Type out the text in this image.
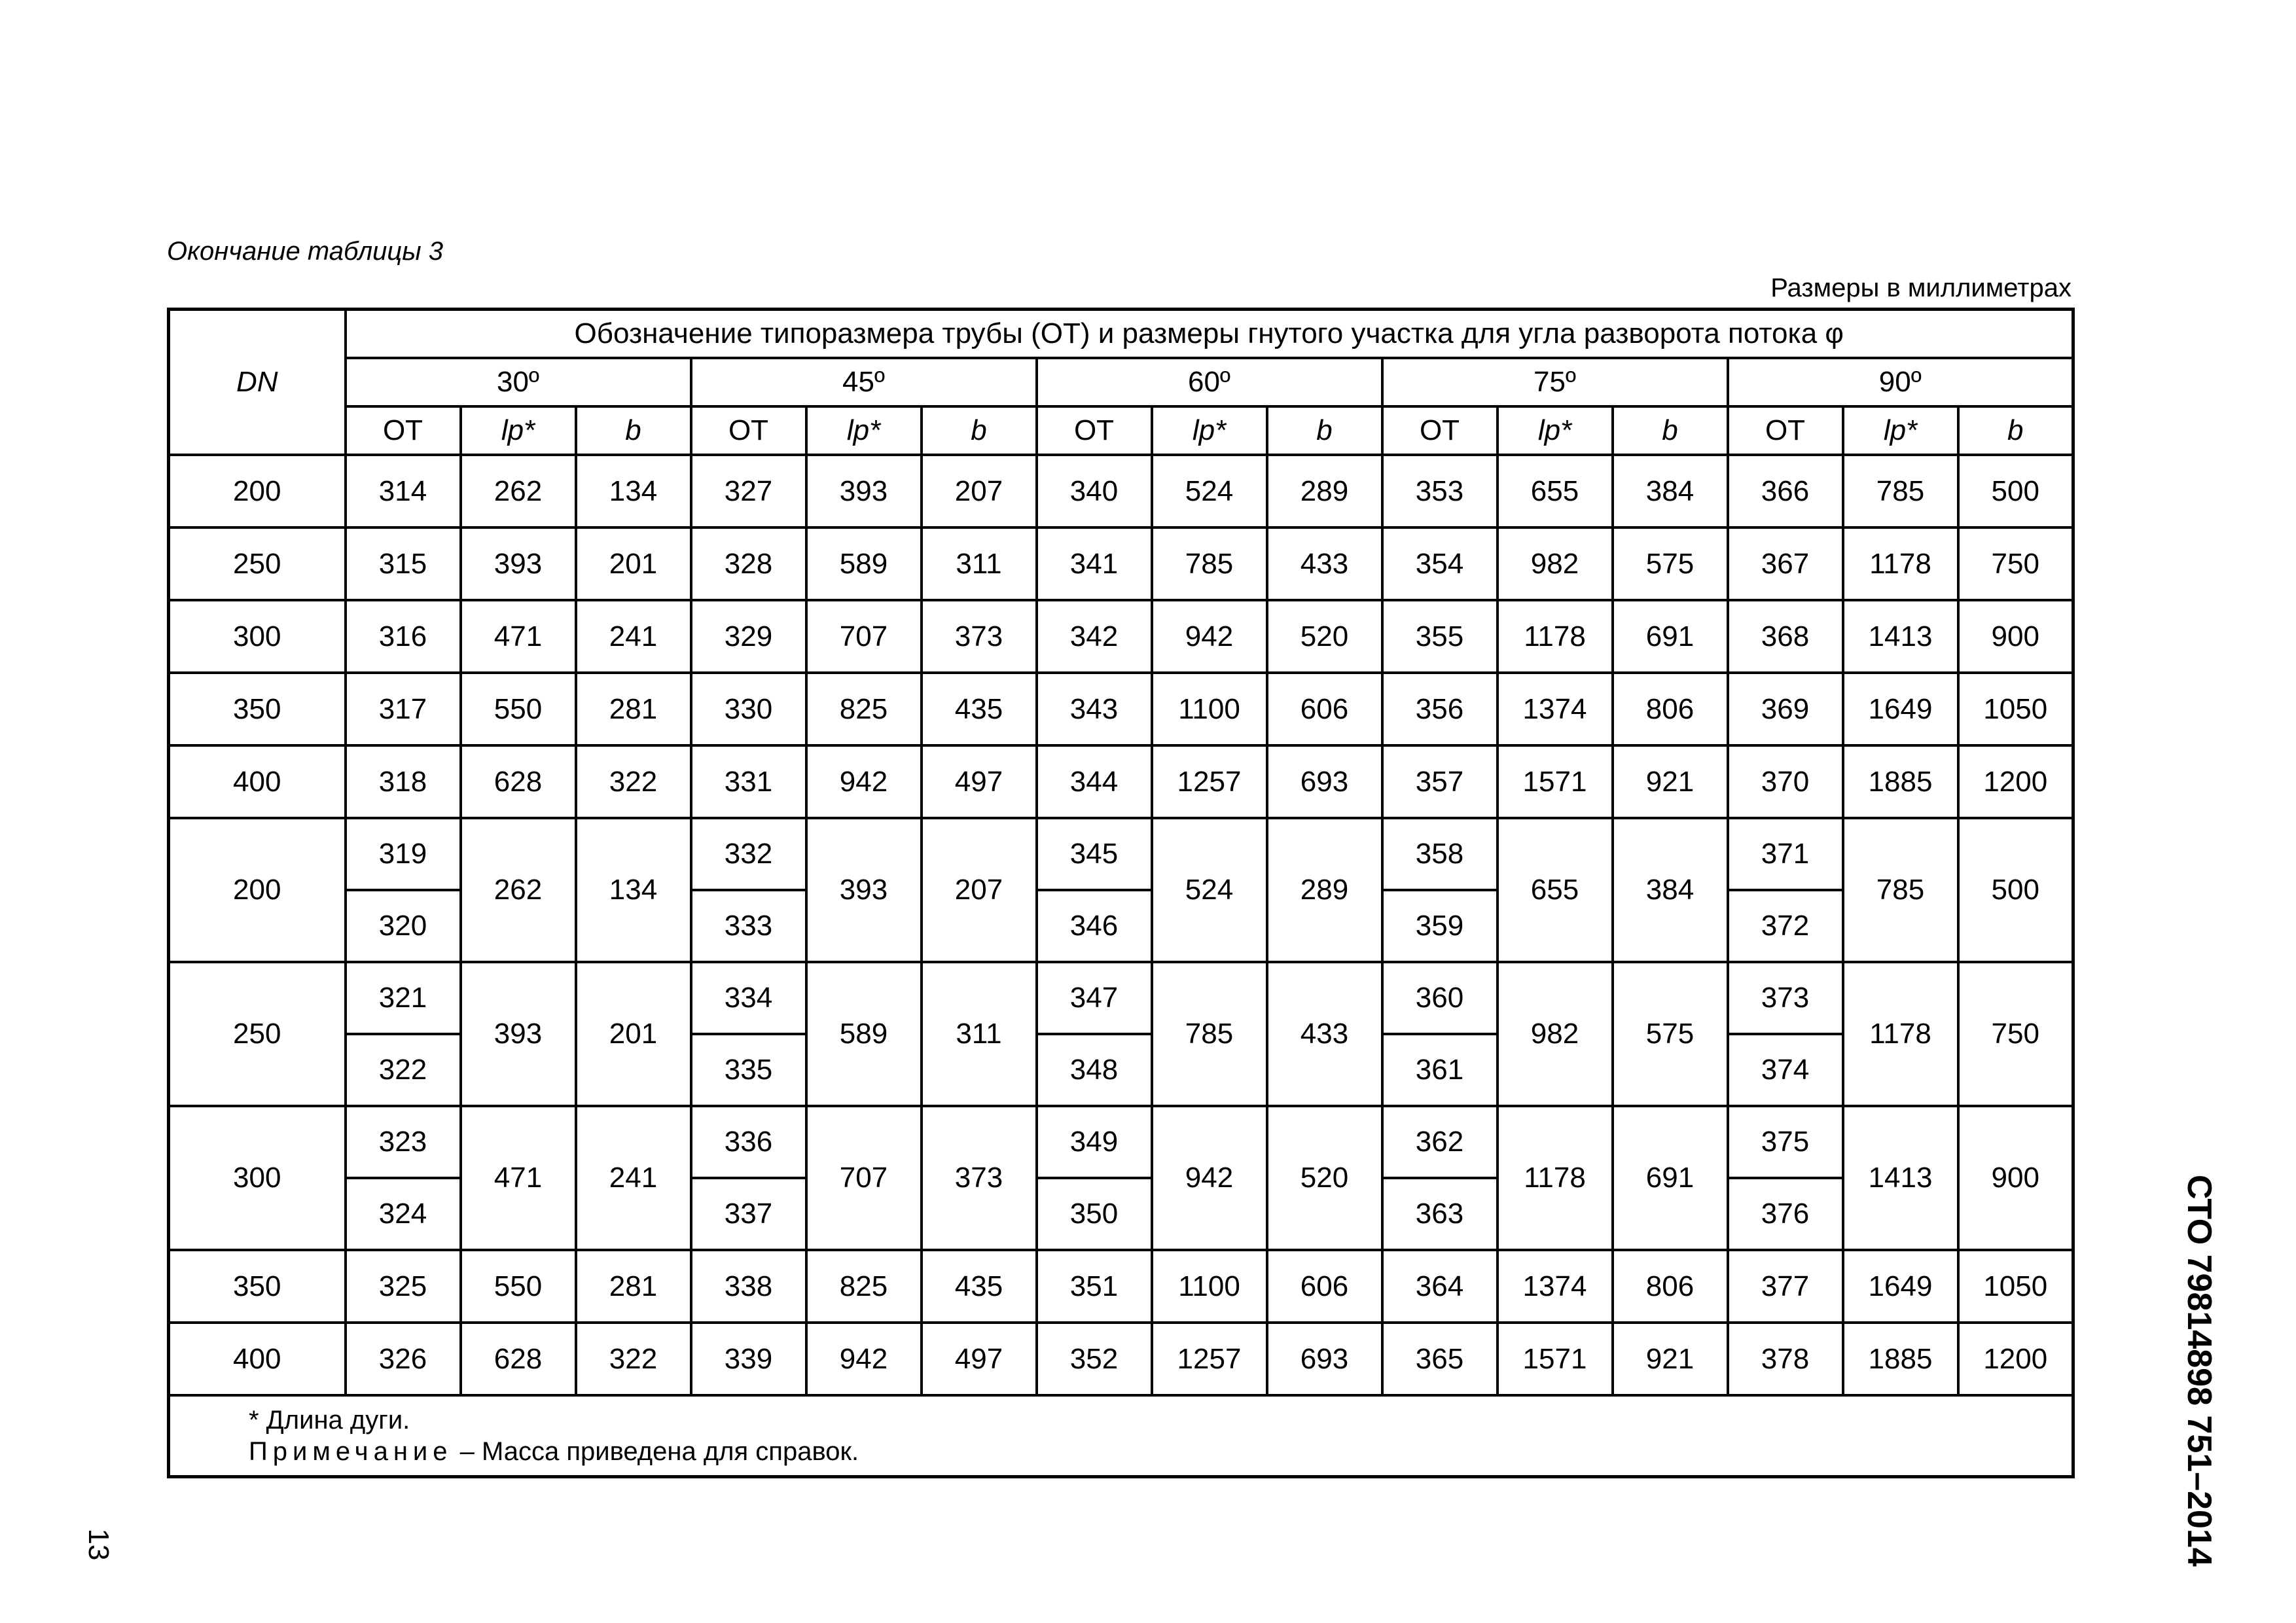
Окончание таблицы 3
Размеры в миллиметрах
DN	Обозначение типоразмера трубы (ОТ) и размеры гнутого участка для угла разворота потока φ														
	30º			45º			60º			75º			90º		
	ОТ	lp*	b	ОТ	lp*	b	ОТ	lp*	b	ОТ	lp*	b	ОТ	lp*	b
200	314	262	134	327	393	207	340	524	289	353	655	384	366	785	500
250	315	393	201	328	589	311	341	785	433	354	982	575	367	1178	750
300	316	471	241	329	707	373	342	942	520	355	1178	691	368	1413	900
350	317	550	281	330	825	435	343	1100	606	356	1374	806	369	1649	1050
400	318	628	322	331	942	497	344	1257	693	357	1571	921	370	1885	1200
200	319	262	134	332	393	207	345	524	289	358	655	384	371	785	500
	320			333			346			359			372		
250	321	393	201	334	589	311	347	785	433	360	982	575	373	1178	750
	322			335			348			361			374		
300	323	471	241	336	707	373	349	942	520	362	1178	691	375	1413	900
	324			337			350			363			376		
350	325	550	281	338	825	435	351	1100	606	364	1374	806	377	1649	1050
400	326	628	322	339	942	497	352	1257	693	365	1571	921	378	1885	1200

* Длина дуги.
Примечание – Масса приведена для справок.																СТО 79814898 751–2014
13
